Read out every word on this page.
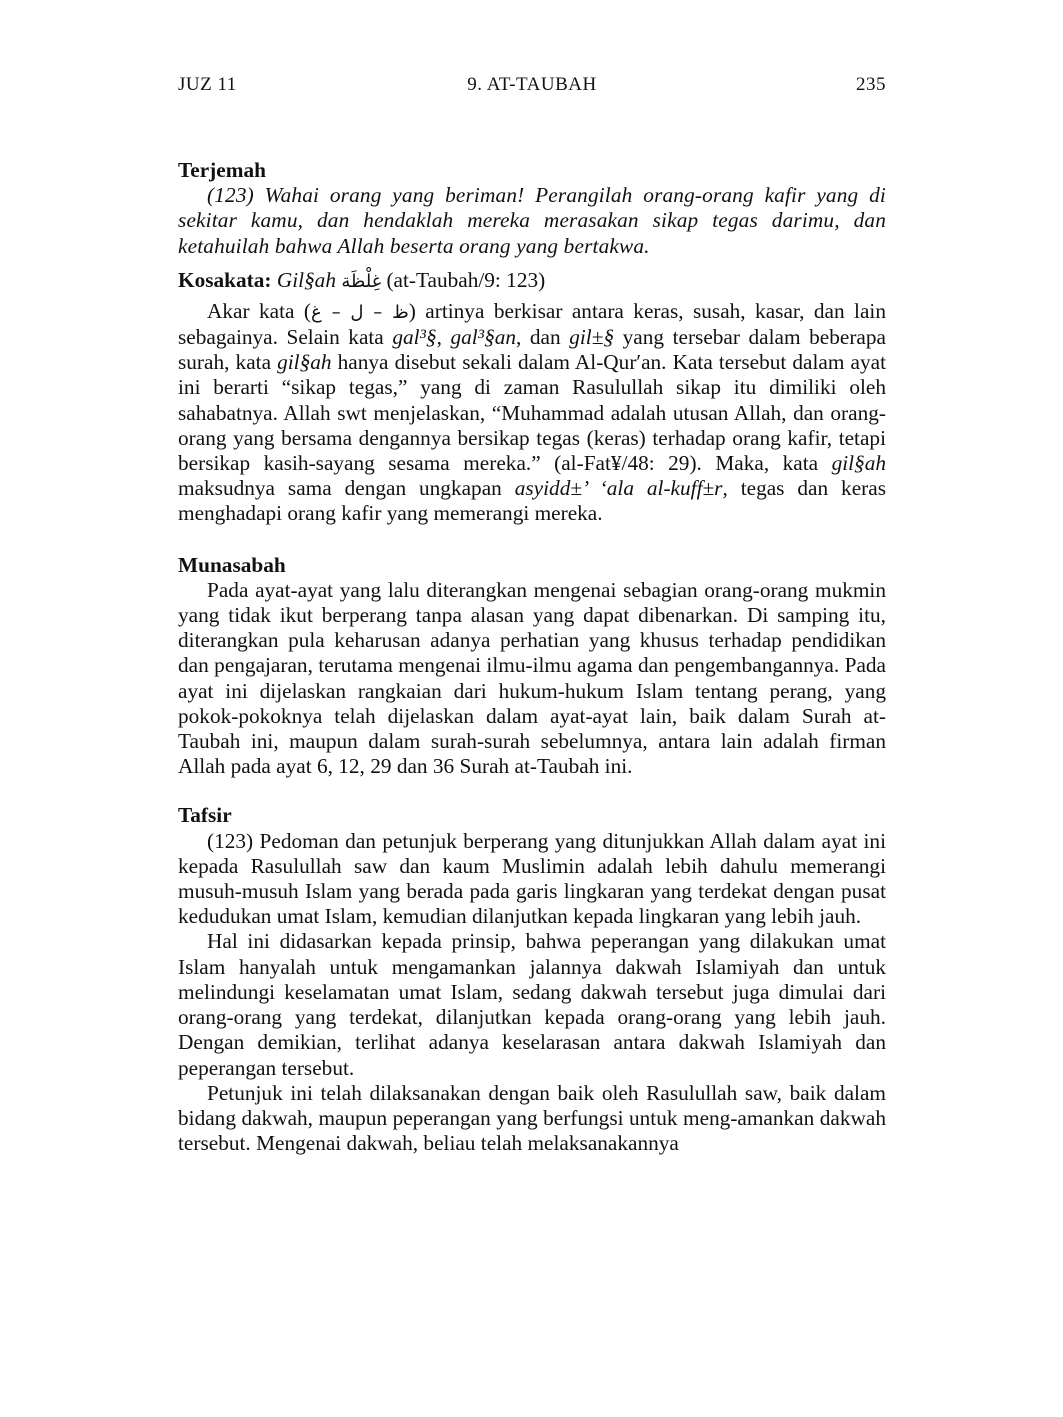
JUZ 11	9. AT-TAUBAH	235
Terjemah

(123) Wahai orang yang beriman! Perangilah orang-orang kafir yang di sekitar kamu, dan hendaklah mereka merasakan sikap tegas darimu, dan ketahuilah bahwa Allah beserta orang yang bertakwa.

Kosakata: Gil§ah غِلْظَة (at-Taubah/9: 123)

Akar kata (ظ – ل – غ) artinya berkisar antara keras, susah, kasar, dan lain sebagainya. Selain kata gal³§, gal³§an, dan gil±§ yang tersebar dalam beberapa surah, kata gil§ah hanya disebut sekali dalam Al-Qur′an. Kata tersebut dalam ayat ini berarti “sikap tegas,” yang di zaman Rasulullah sikap itu dimiliki oleh sahabatnya. Allah swt menjelaskan, “Muhammad adalah utusan Allah, dan orang-orang yang bersama dengannya bersikap tegas (keras) terhadap orang kafir, tetapi bersikap kasih-sayang sesama mereka.” (al-Fat¥/48: 29). Maka, kata gil§ah maksudnya sama dengan ungkapan asyidd±’ ‘ala al-kuff±r, tegas dan keras menghadapi orang kafir yang memerangi mereka.

Munasabah

Pada ayat-ayat yang lalu diterangkan mengenai sebagian orang-orang mukmin yang tidak ikut berperang tanpa alasan yang dapat dibenarkan. Di samping itu, diterangkan pula keharusan adanya perhatian yang khusus terhadap pendidikan dan pengajaran, terutama mengenai ilmu-ilmu agama dan pengembangannya. Pada ayat ini dijelaskan rangkaian dari hukum-hukum Islam tentang perang, yang pokok-pokoknya telah dijelaskan dalam ayat-ayat lain, baik dalam Surah at-Taubah ini, maupun dalam surah-surah sebelumnya, antara lain adalah firman Allah pada ayat 6, 12, 29 dan 36 Surah at-Taubah ini.

Tafsir

(123) Pedoman dan petunjuk berperang yang ditunjukkan Allah dalam ayat ini kepada Rasulullah saw dan kaum Muslimin adalah lebih dahulu memerangi musuh-musuh Islam yang berada pada garis lingkaran yang terdekat dengan pusat kedudukan umat Islam, kemudian dilanjutkan kepada lingkaran yang lebih jauh.

Hal ini didasarkan kepada prinsip, bahwa peperangan yang dilakukan umat Islam hanyalah untuk mengamankan jalannya dakwah Islamiyah dan untuk melindungi keselamatan umat Islam, sedang dakwah tersebut juga dimulai dari orang-orang yang terdekat, dilanjutkan kepada orang-orang yang lebih jauh. Dengan demikian, terlihat adanya keselarasan antara dakwah Islamiyah dan peperangan tersebut.

Petunjuk ini telah dilaksanakan dengan baik oleh Rasulullah saw, baik dalam bidang dakwah, maupun peperangan yang berfungsi untuk meng-amankan dakwah tersebut. Mengenai dakwah, beliau telah melaksanakannya
